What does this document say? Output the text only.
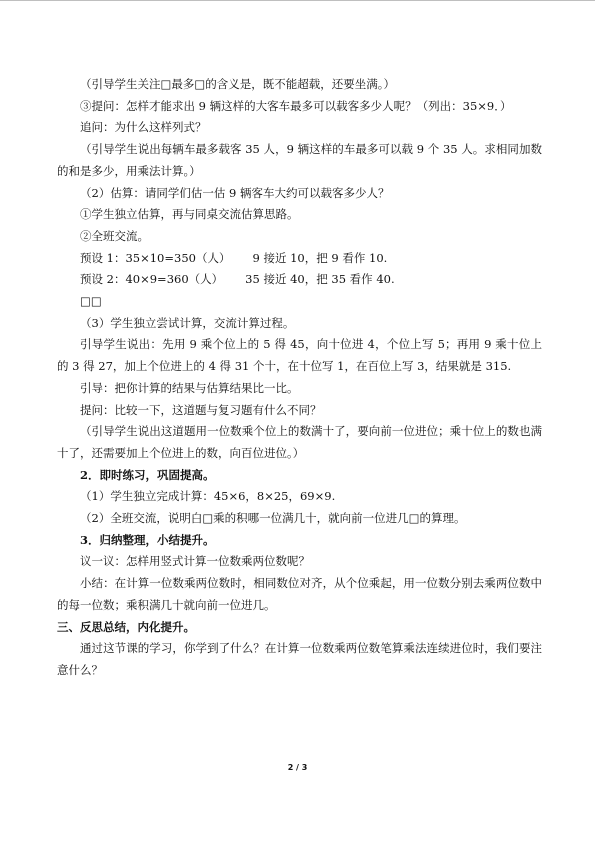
（引导学生关注□最多□的含义是，既不能超载，还要坐满。）

③提问：怎样才能求出 9 辆这样的大客车最多可以载客多少人呢？（列出：35×9．）

追问：为什么这样列式？

（引导学生说出每辆车最多载客 35 人，9 辆这样的车最多可以载 9 个 35 人。求相同加数的和是多少，用乘法计算。）

（2）估算：请同学们估一估 9 辆客车大约可以载客多少人？

①学生独立估算，再与同桌交流估算思路。

②全班交流。

预设 1：35×10=350（人） 9 接近 10，把 9 看作 10.

预设 2：40×9=360（人） 35 接近 40，把 35 看作 40.

□□

（3）学生独立尝试计算，交流计算过程。

引导学生说出：先用 9 乘个位上的 5 得 45，向十位进 4，个位上写 5；再用 9 乘十位上的 3 得 27，加上个位进上的 4 得 31 个十，在十位写 1，在百位上写 3，结果就是 315.

引导：把你计算的结果与估算结果比一比。

提问：比较一下，这道题与复习题有什么不同？

（引导学生说出这道题用一位数乘个位上的数满十了，要向前一位进位；乘十位上的数也满十了，还需要加上个位进上的数，向百位进位。）

2．即时练习，巩固提高。

（1）学生独立完成计算：45×6，8×25，69×9.

（2）全班交流，说明白□乘的积哪一位满几十，就向前一位进几□的算理。

3．归纳整理，小结提升。

议一议：怎样用竖式计算一位数乘两位数呢？

小结：在计算一位数乘两位数时，相同数位对齐，从个位乘起，用一位数分别去乘两位数中的每一位数；乘积满几十就向前一位进几。

三、反思总结，内化提升。

通过这节课的学习，你学到了什么？在计算一位数乘两位数笔算乘法连续进位时，我们要注意什么？

2 / 3
